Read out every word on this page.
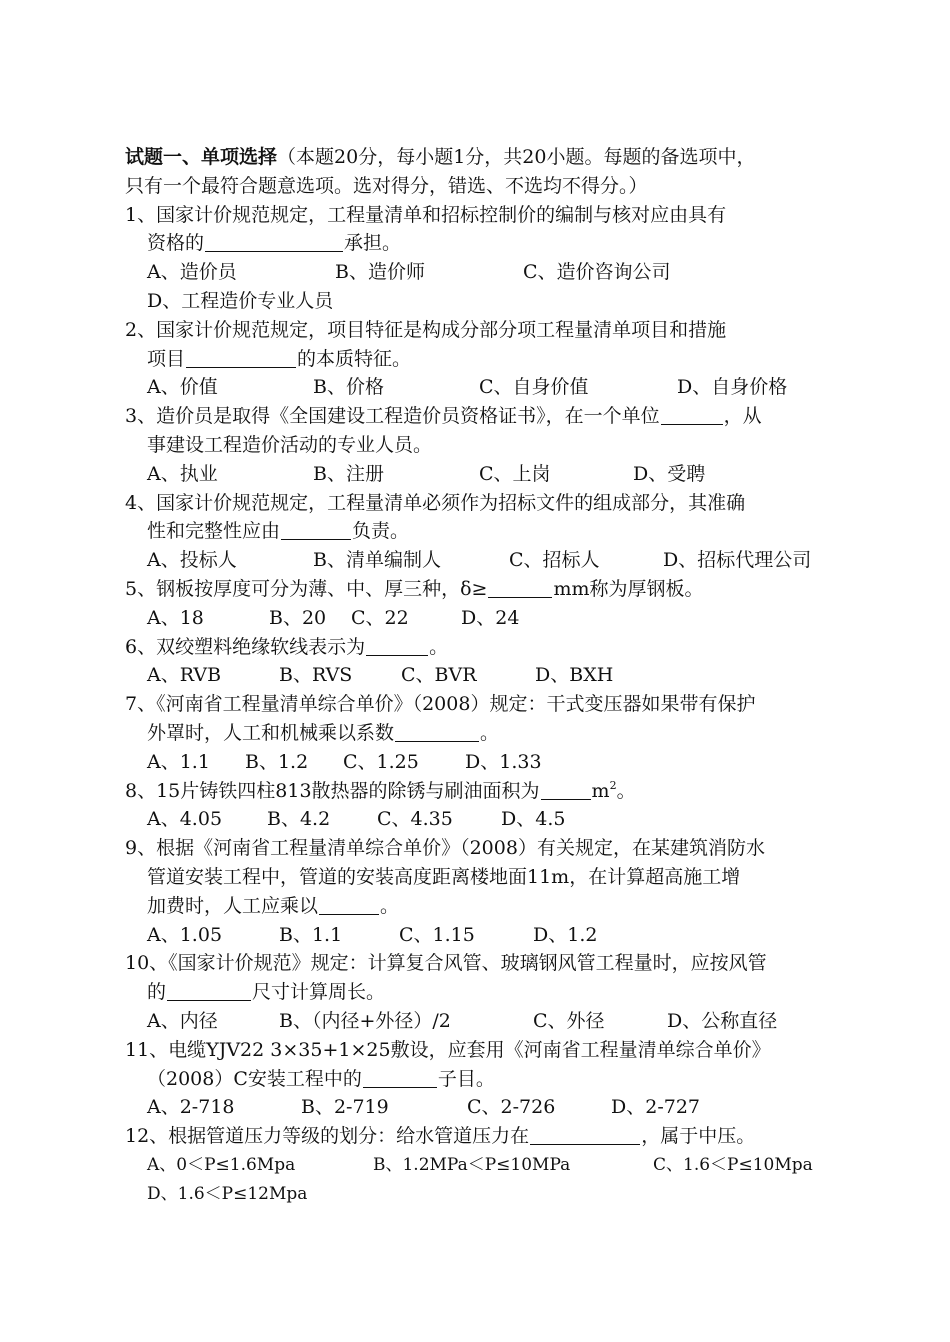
试题一、单项选择（本题20分，每小题1分，共20小题。每题的备选项中，
只有一个最符合题意选项。选对得分，错选、不选均不得分。）
1、国家计价规范规定，工程量清单和招标控制价的编制与核对应由具有
资格的	承担。
A、造价员	B、造价师	C、造价咨询公司
D、工程造价专业人员
2、国家计价规范规定，项目特征是构成分部分项工程量清单项目和措施
项目	的本质特征。
A、价值	B、价格	C、自身价值	D、自身价格
3、造价员是取得《全国建设工程造价员资格证书》，在一个单位	，从
事建设工程造价活动的专业人员。
A、执业	B、注册	C、上岗	D、受聘
4、国家计价规范规定，工程量清单必须作为招标文件的组成部分，其准确
性和完整性应由	负责。
A、投标人	B、清单编制人	C、招标人	D、招标代理公司
5、钢板按厚度可分为薄、中、厚三种，δ≥	mm称为厚钢板。
A、18	B、20	C、22	D、24
6、双绞塑料绝缘软线表示为	。
A、RVB	B、RVS	C、BVR	D、BXH
7、《河南省工程量清单综合单价》（2008）规定：干式变压器如果带有保护
外罩时，人工和机械乘以系数	。
A、1.1	B、1.2	C、1.25	D、1.33
8、15片铸铁四柱813散热器的除锈与刷油面积为	$m^2$。
A、4.05	B、4.2	C、4.35	D、4.5
9、根据《河南省工程量清单综合单价》（2008）有关规定，在某建筑消防水
管道安装工程中，管道的安装高度距离楼地面11m，在计算超高施工增
加费时，人工应乘以	。
A、1.05	B、1.1	C、1.15	D、1.2
10、《国家计价规范》规定：计算复合风管、玻璃钢风管工程量时，应按风管
的	尺寸计算周长。
A、内径	B、（内径+外径）/2	C、外径	D、公称直径
11、电缆YJV22 3×35+1×25敷设，应套用《河南省工程量清单综合单价》
（2008）C安装工程中的	子目。
A、2-718	B、2-719	C、2-726	D、2-727
12、根据管道压力等级的划分：给水管道压力在	，属于中压。
A、0＜P≤1.6Mpa	B、1.2MPa＜P≤10MPa	C、1.6＜P≤10Mpa
D、1.6＜P≤12Mpa
